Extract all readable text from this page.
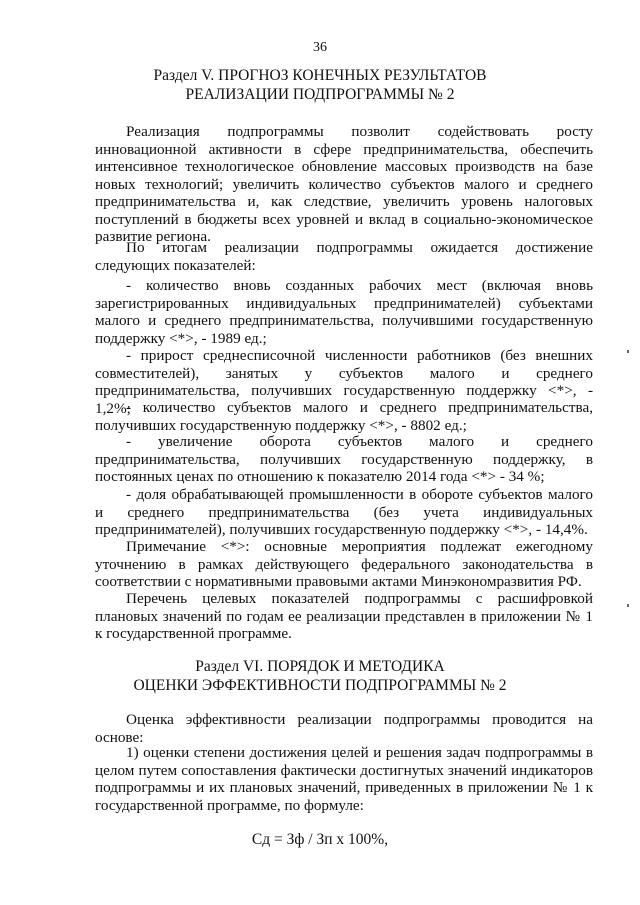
36
Раздел V. ПРОГНОЗ КОНЕЧНЫХ РЕЗУЛЬТАТОВ
РЕАЛИЗАЦИИ ПОДПРОГРАММЫ № 2

Реализация подпрограммы позволит содействовать росту инновационной активности в сфере предпринимательства, обеспечить интенсивное технологическое обновление массовых производств на базе новых технологий; увеличить количество субъектов малого и среднего предпринимательства и, как следствие, увеличить уровень налоговых поступлений в бюджеты всех уровней и вклад в социально-экономическое развитие региона.

По итогам реализации подпрограммы ожидается достижение следующих показателей:

- количество вновь созданных рабочих мест (включая вновь зарегистрированных индивидуальных предпринимателей) субъектами малого и среднего предпринимательства, получившими государственную поддержку <*>, - 1989 ед.;

- прирост среднесписочной численности работников (без внешних совместителей), занятых у субъектов малого и среднего предпринимательства, получивших государственную поддержку <*>, - 1,2%;

- количество субъектов малого и среднего предпринимательства, получивших государственную поддержку <*>, - 8802 ед.;

- увеличение оборота субъектов малого и среднего предпринимательства, получивших государственную поддержку, в постоянных ценах по отношению к показателю 2014 года <*> - 34 %;

- доля обрабатывающей промышленности в обороте субъектов малого и среднего предпринимательства (без учета индивидуальных предпринимателей), получивших государственную поддержку <*>, - 14,4%.

Примечание <*>: основные мероприятия подлежат ежегодному уточнению в рамках действующего федерального законодательства в соответствии с нормативными правовыми актами Минэкономразвития РФ.

Перечень целевых показателей подпрограммы с расшифровкой плановых значений по годам ее реализации представлен в приложении № 1 к государственной программе.

Раздел VI. ПОРЯДОК И МЕТОДИКА
ОЦЕНКИ ЭФФЕКТИВНОСТИ ПОДПРОГРАММЫ № 2

Оценка эффективности реализации подпрограммы проводится на основе:

1) оценки степени достижения целей и решения задач подпрограммы в целом путем сопоставления фактически достигнутых значений индикаторов подпрограммы и их плановых значений, приведенных в приложении № 1 к государственной программе, по формуле:

Сд = Зф / Зп х 100%,
